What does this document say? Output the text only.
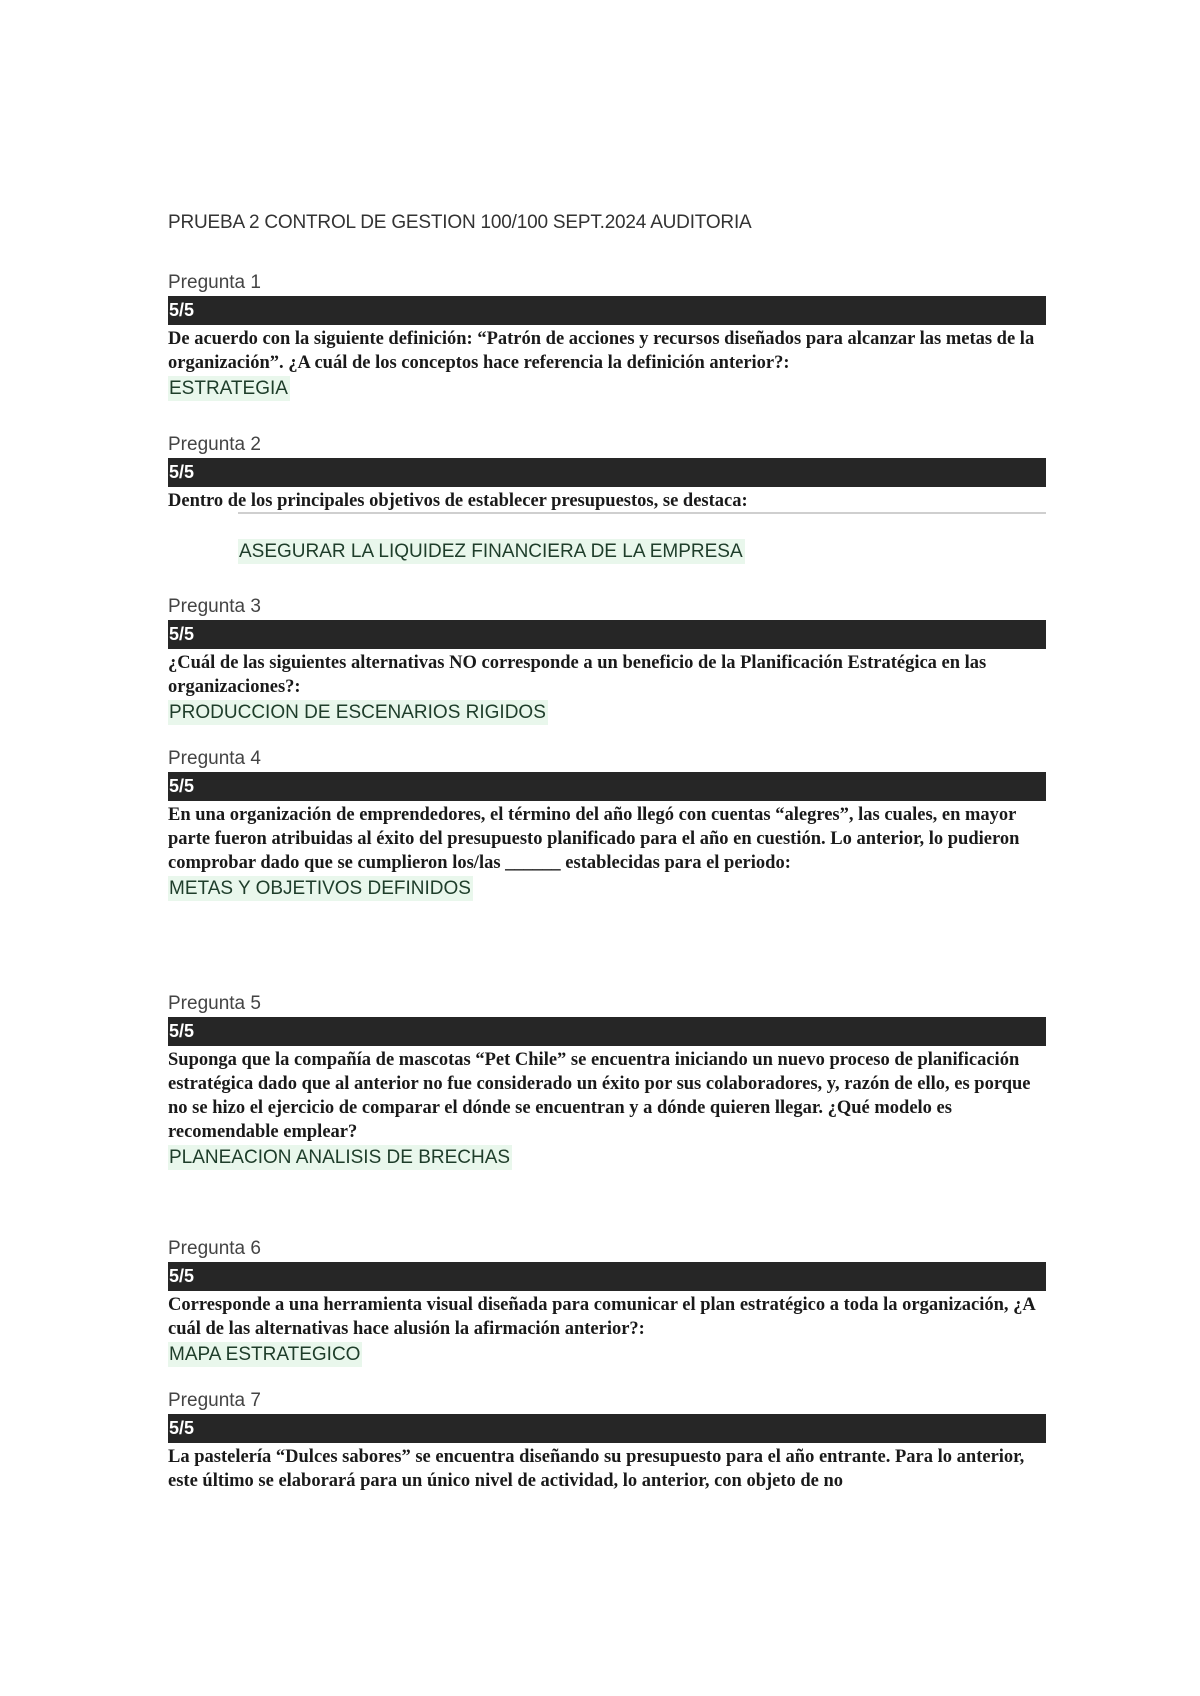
PRUEBA 2 CONTROL DE GESTION 100/100 SEPT.2024 AUDITORIA
Pregunta 1
5/5
De acuerdo con la siguiente definición: “Patrón de acciones y recursos diseñados para alcanzar las metas de la organización”. ¿A cuál de los conceptos hace referencia la definición anterior?:
ESTRATEGIA
Pregunta 2
5/5
Dentro de los principales objetivos de establecer presupuestos, se destaca:
ASEGURAR LA LIQUIDEZ FINANCIERA DE LA EMPRESA
Pregunta 3
5/5
¿Cuál de las siguientes alternativas NO corresponde a un beneficio de la Planificación Estratégica en las organizaciones?:
PRODUCCION DE ESCENARIOS RIGIDOS
Pregunta 4
5/5
En una organización de emprendedores, el término del año llegó con cuentas “alegres”, las cuales, en mayor parte fueron atribuidas al éxito del presupuesto planificado para el año en cuestión. Lo anterior, lo pudieron comprobar dado que se cumplieron los/las ______ establecidas para el periodo:
METAS Y OBJETIVOS DEFINIDOS
Pregunta 5
5/5
Suponga que la compañía de mascotas “Pet Chile” se encuentra iniciando un nuevo proceso de planificación estratégica dado que al anterior no fue considerado un éxito por sus colaboradores, y, razón de ello, es porque no se hizo el ejercicio de comparar el dónde se encuentran y a dónde quieren llegar. ¿Qué modelo es recomendable emplear?
PLANEACION ANALISIS DE BRECHAS
Pregunta 6
5/5
Corresponde a una herramienta visual diseñada para comunicar el plan estratégico a toda la organización, ¿A cuál de las alternativas hace alusión la afirmación anterior?:
MAPA ESTRATEGICO
Pregunta 7
5/5
La pastelería “Dulces sabores” se encuentra diseñando su presupuesto para el año entrante. Para lo anterior, este último se elaborará para un único nivel de actividad, lo anterior, con objeto de no
